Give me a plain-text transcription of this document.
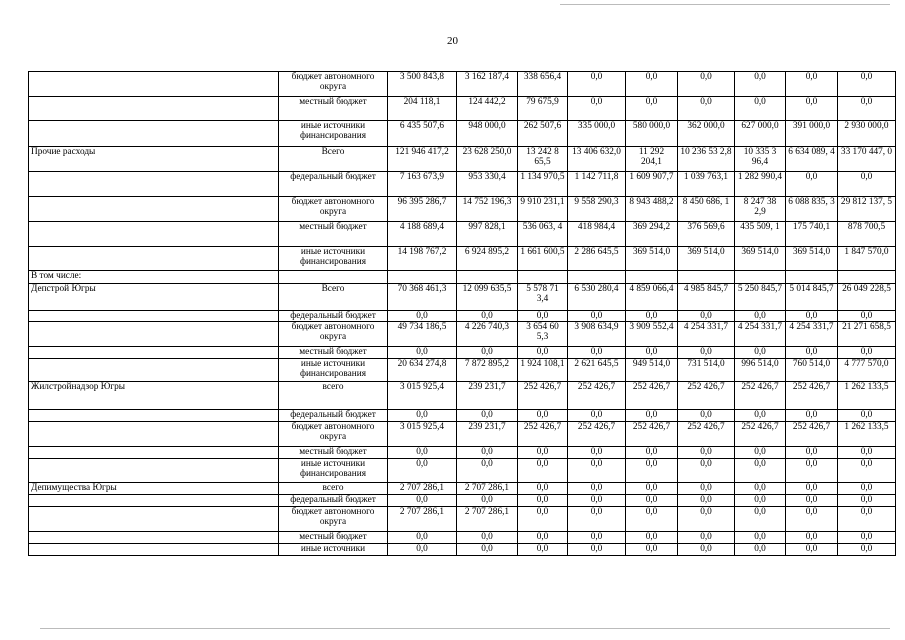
20
	бюджет автономного округа	3 500 843,8	3 162 187,4	338 656,4	0,0	0,0	0,0	0,0	0,0	0,0
	местный бюджет	204 118,1	124 442,2	79 675,9	0,0	0,0	0,0	0,0	0,0	0,0
	иные источники финансирования	6 435 507,6	948 000,0	262 507,6	335 000,0	580 000,0	362 000,0	627 000,0	391 000,0	2 930 000,0
Прочие расходы	Всего	121 946 417,2	23 628 250,0	13 242 8 65,5	13 406 632,0	11 292 204,1	10 236 53 2,8	10 335 3 96,4	6 634 089, 4	33 170 447, 0
	федеральный бюджет	7 163 673,9	953 330,4	1 134 970,5	1 142 711,8	1 609 907,7	1 039 763,1	1 282 990,4	0,0	0,0
	бюджет автономного округа	96 395 286,7	14 752 196,3	9 910 231,1	9 558 290,3	8 943 488,2	8 450 686, 1	8 247 38 2,9	6 088 835, 3	29 812 137, 5
	местный бюджет	4 188 689,4	997 828,1	536 063, 4	418 984,4	369 294,2	376 569,6	435 509, 1	175 740,1	878 700,5
	иные источники финансирования	14 198 767,2	6 924 895,2	1 661 600,5	2 286 645,5	369 514,0	369 514,0	369 514,0	369 514,0	1 847 570,0
В том числе:										
Депстрой Югры	Всего	70 368 461,3	12 099 635,5	5 578 71 3,4	6 530 280,4	4 859 066,4	4 985 845,7	5 250 845,7	5 014 845,7	26 049 228,5
	федеральный бюджет	0,0	0,0	0,0	0,0	0,0	0,0	0,0	0,0	0,0
	бюджет автономного округа	49 734 186,5	4 226 740,3	3 654 60 5,3	3 908 634,9	3 909 552,4	4 254 331,7	4 254 331,7	4 254 331,7	21 271 658,5
	местный бюджет	0,0	0,0	0,0	0,0	0,0	0,0	0,0	0,0	0,0
	иные источники финансирования	20 634 274,8	7 872 895,2	1 924 108,1	2 621 645,5	949 514,0	731 514,0	996 514,0	760 514,0	4 777 570,0
Жилстройнадзор Югры	всего	3 015 925,4	239 231,7	252 426,7	252 426,7	252 426,7	252 426,7	252 426,7	252 426,7	1 262 133,5
	федеральный бюджет	0,0	0,0	0,0	0,0	0,0	0,0	0,0	0,0	0,0
	бюджет автономного округа	3 015 925,4	239 231,7	252 426,7	252 426,7	252 426,7	252 426,7	252 426,7	252 426,7	1 262 133,5
	местный бюджет	0,0	0,0	0,0	0,0	0,0	0,0	0,0	0,0	0,0
	иные источники финансирования	0,0	0,0	0,0	0,0	0,0	0,0	0,0	0,0	0,0
Депимущества Югры	всего	2 707 286,1	2 707 286,1	0,0	0,0	0,0	0,0	0,0	0,0	0,0
	федеральный бюджет	0,0	0,0	0,0	0,0	0,0	0,0	0,0	0,0	0,0
	бюджет автономного округа	2 707 286,1	2 707 286,1	0,0	0,0	0,0	0,0	0,0	0,0	0,0
	местный бюджет	0,0	0,0	0,0	0,0	0,0	0,0	0,0	0,0	0,0
	иные источники	0,0	0,0	0,0	0,0	0,0	0,0	0,0	0,0	0,0
